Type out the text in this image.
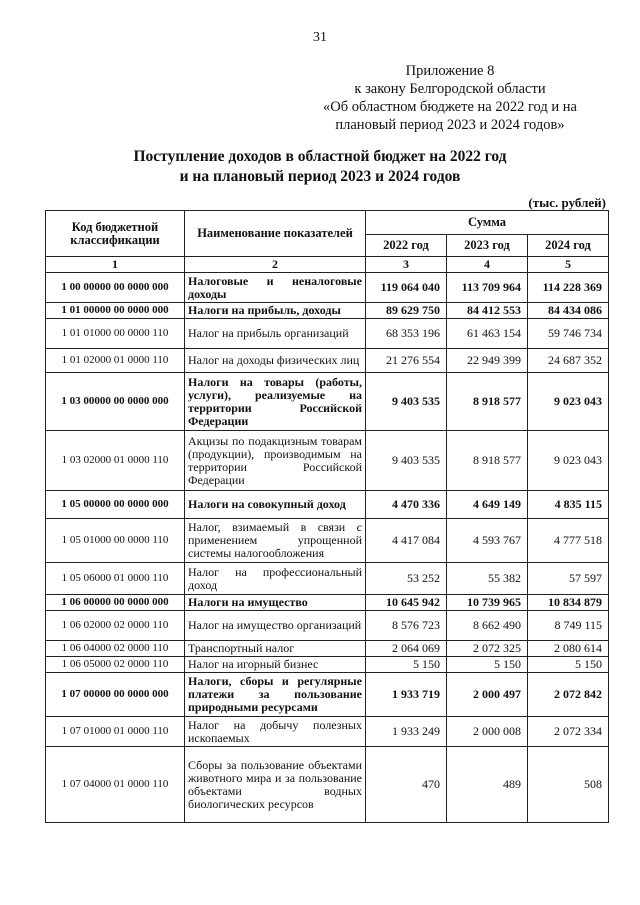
31
Приложение 8
к закону Белгородской области
«Об областном бюджете на 2022 год и на
плановый период 2023 и 2024 годов»
Поступление доходов в областной бюджет на 2022 год
и на плановый период 2023 и 2024 годов
(тыс. рублей)
Код бюджетной классификации	Наименование показателей	Сумма		
		2022 год	2023 год	2024 год
1	2	3	4	5
1 00 00000 00 0000 000	Налоговые и неналоговые доходы	119 064 040	113 709 964	114 228 369
1 01 00000 00 0000 000	Налоги на прибыль, доходы	89 629 750	84 412 553	84 434 086
1 01 01000 00 0000 110	Налог на прибыль организаций	68 353 196	61 463 154	59 746 734
1 01 02000 01 0000 110	Налог на доходы физических лиц	21 276 554	22 949 399	24 687 352
1 03 00000 00 0000 000	Налоги на товары (работы, услуги), реализуемые на территории Российской Федерации	9 403 535	8 918 577	9 023 043
1 03 02000 01 0000 110	Акцизы по подакцизным товарам (продукции), производимым на территории Российской Федерации	9 403 535	8 918 577	9 023 043
1 05 00000 00 0000 000	Налоги на совокупный доход	4 470 336	4 649 149	4 835 115
1 05 01000 00 0000 110	Налог, взимаемый в связи с применением упрощенной системы налогообложения	4 417 084	4 593 767	4 777 518
1 05 06000 01 0000 110	Налог на профессиональный доход	53 252	55 382	57 597
1 06 00000 00 0000 000	Налоги на имущество	10 645 942	10 739 965	10 834 879
1 06 02000 02 0000 110	Налог на имущество организаций	8 576 723	8 662 490	8 749 115
1 06 04000 02 0000 110	Транспортный налог	2 064 069	2 072 325	2 080 614
1 06 05000 02 0000 110	Налог на игорный бизнес	5 150	5 150	5 150
1 07 00000 00 0000 000	Налоги, сборы и регулярные платежи за пользование природными ресурсами	1 933 719	2 000 497	2 072 842
1 07 01000 01 0000 110	Налог на добычу полезных ископаемых	1 933 249	2 000 008	2 072 334
1 07 04000 01 0000 110	Сборы за пользование объектами животного мира и за пользование объектами водных биологических ресурсов	470	489	508
